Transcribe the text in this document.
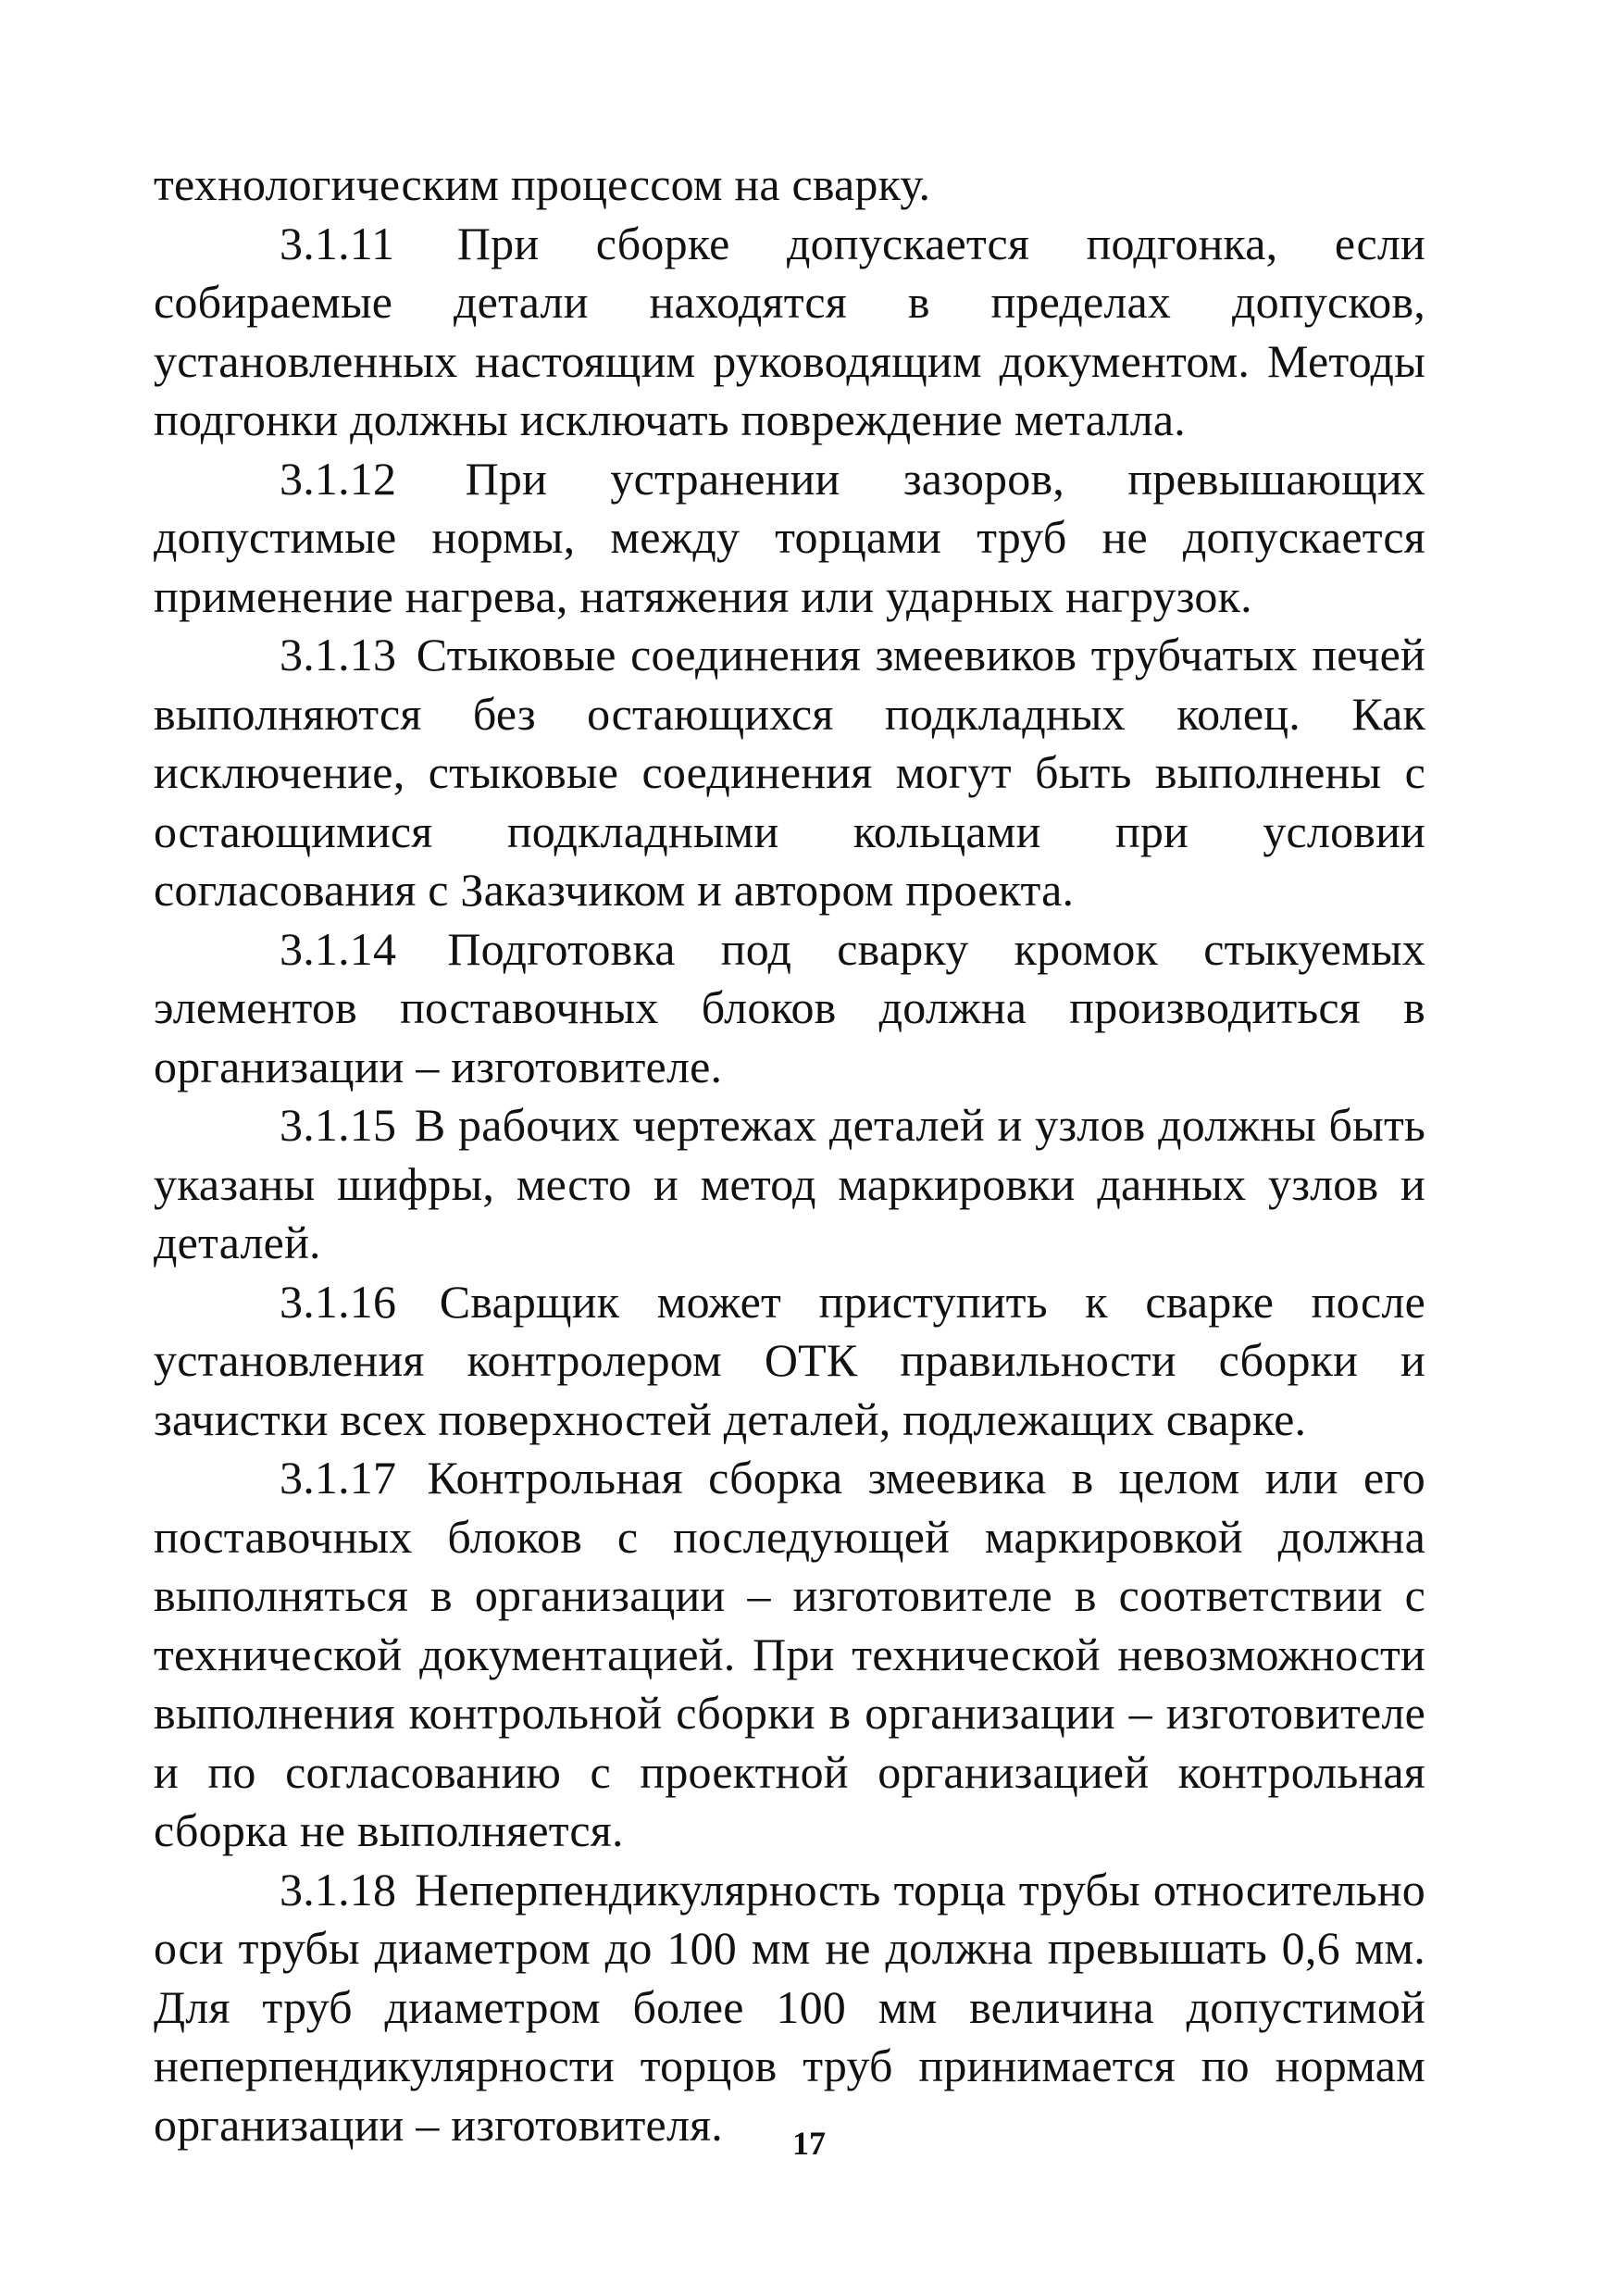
технологическим процессом на сварку.

3.1.11 При сборке допускается подгонка, если собираемые детали находятся в пределах допусков, установленных настоящим руководящим документом. Методы подгонки должны исключать повреждение металла.

3.1.12 При устранении зазоров, превышающих допустимые нормы, между торцами труб не допускается применение нагрева, натяжения или ударных нагрузок.

3.1.13 Стыковые соединения змеевиков трубчатых печей выполняются без остающихся подкладных колец. Как исключение, стыковые соединения могут быть выполнены с остающимися подкладными кольцами при условии согласования с Заказчиком и автором проекта.

3.1.14 Подготовка под сварку кромок стыкуемых элементов поставочных блоков должна производиться в организации – изготовителе.

3.1.15 В рабочих чертежах деталей и узлов должны быть указаны шифры, место и метод маркировки данных узлов и деталей.

3.1.16 Сварщик может приступить к сварке после установления контролером ОТК правильности сборки и зачистки всех поверхностей деталей, подлежащих сварке.

3.1.17 Контрольная сборка змеевика в целом или его поставочных блоков с последующей маркировкой должна выполняться в организации – изготовителе в соответствии с технической документацией. При технической невозможности выполнения контрольной сборки в организации – изготовителе и по согласованию с проектной организацией контрольная сборка не выполняется.

3.1.18 Неперпендикулярность торца трубы относительно оси трубы диаметром до 100 мм не должна превышать 0,6 мм. Для труб диаметром более 100 мм величина допустимой неперпендикулярности торцов труб принимается по нормам организации – изготовителя.	17
